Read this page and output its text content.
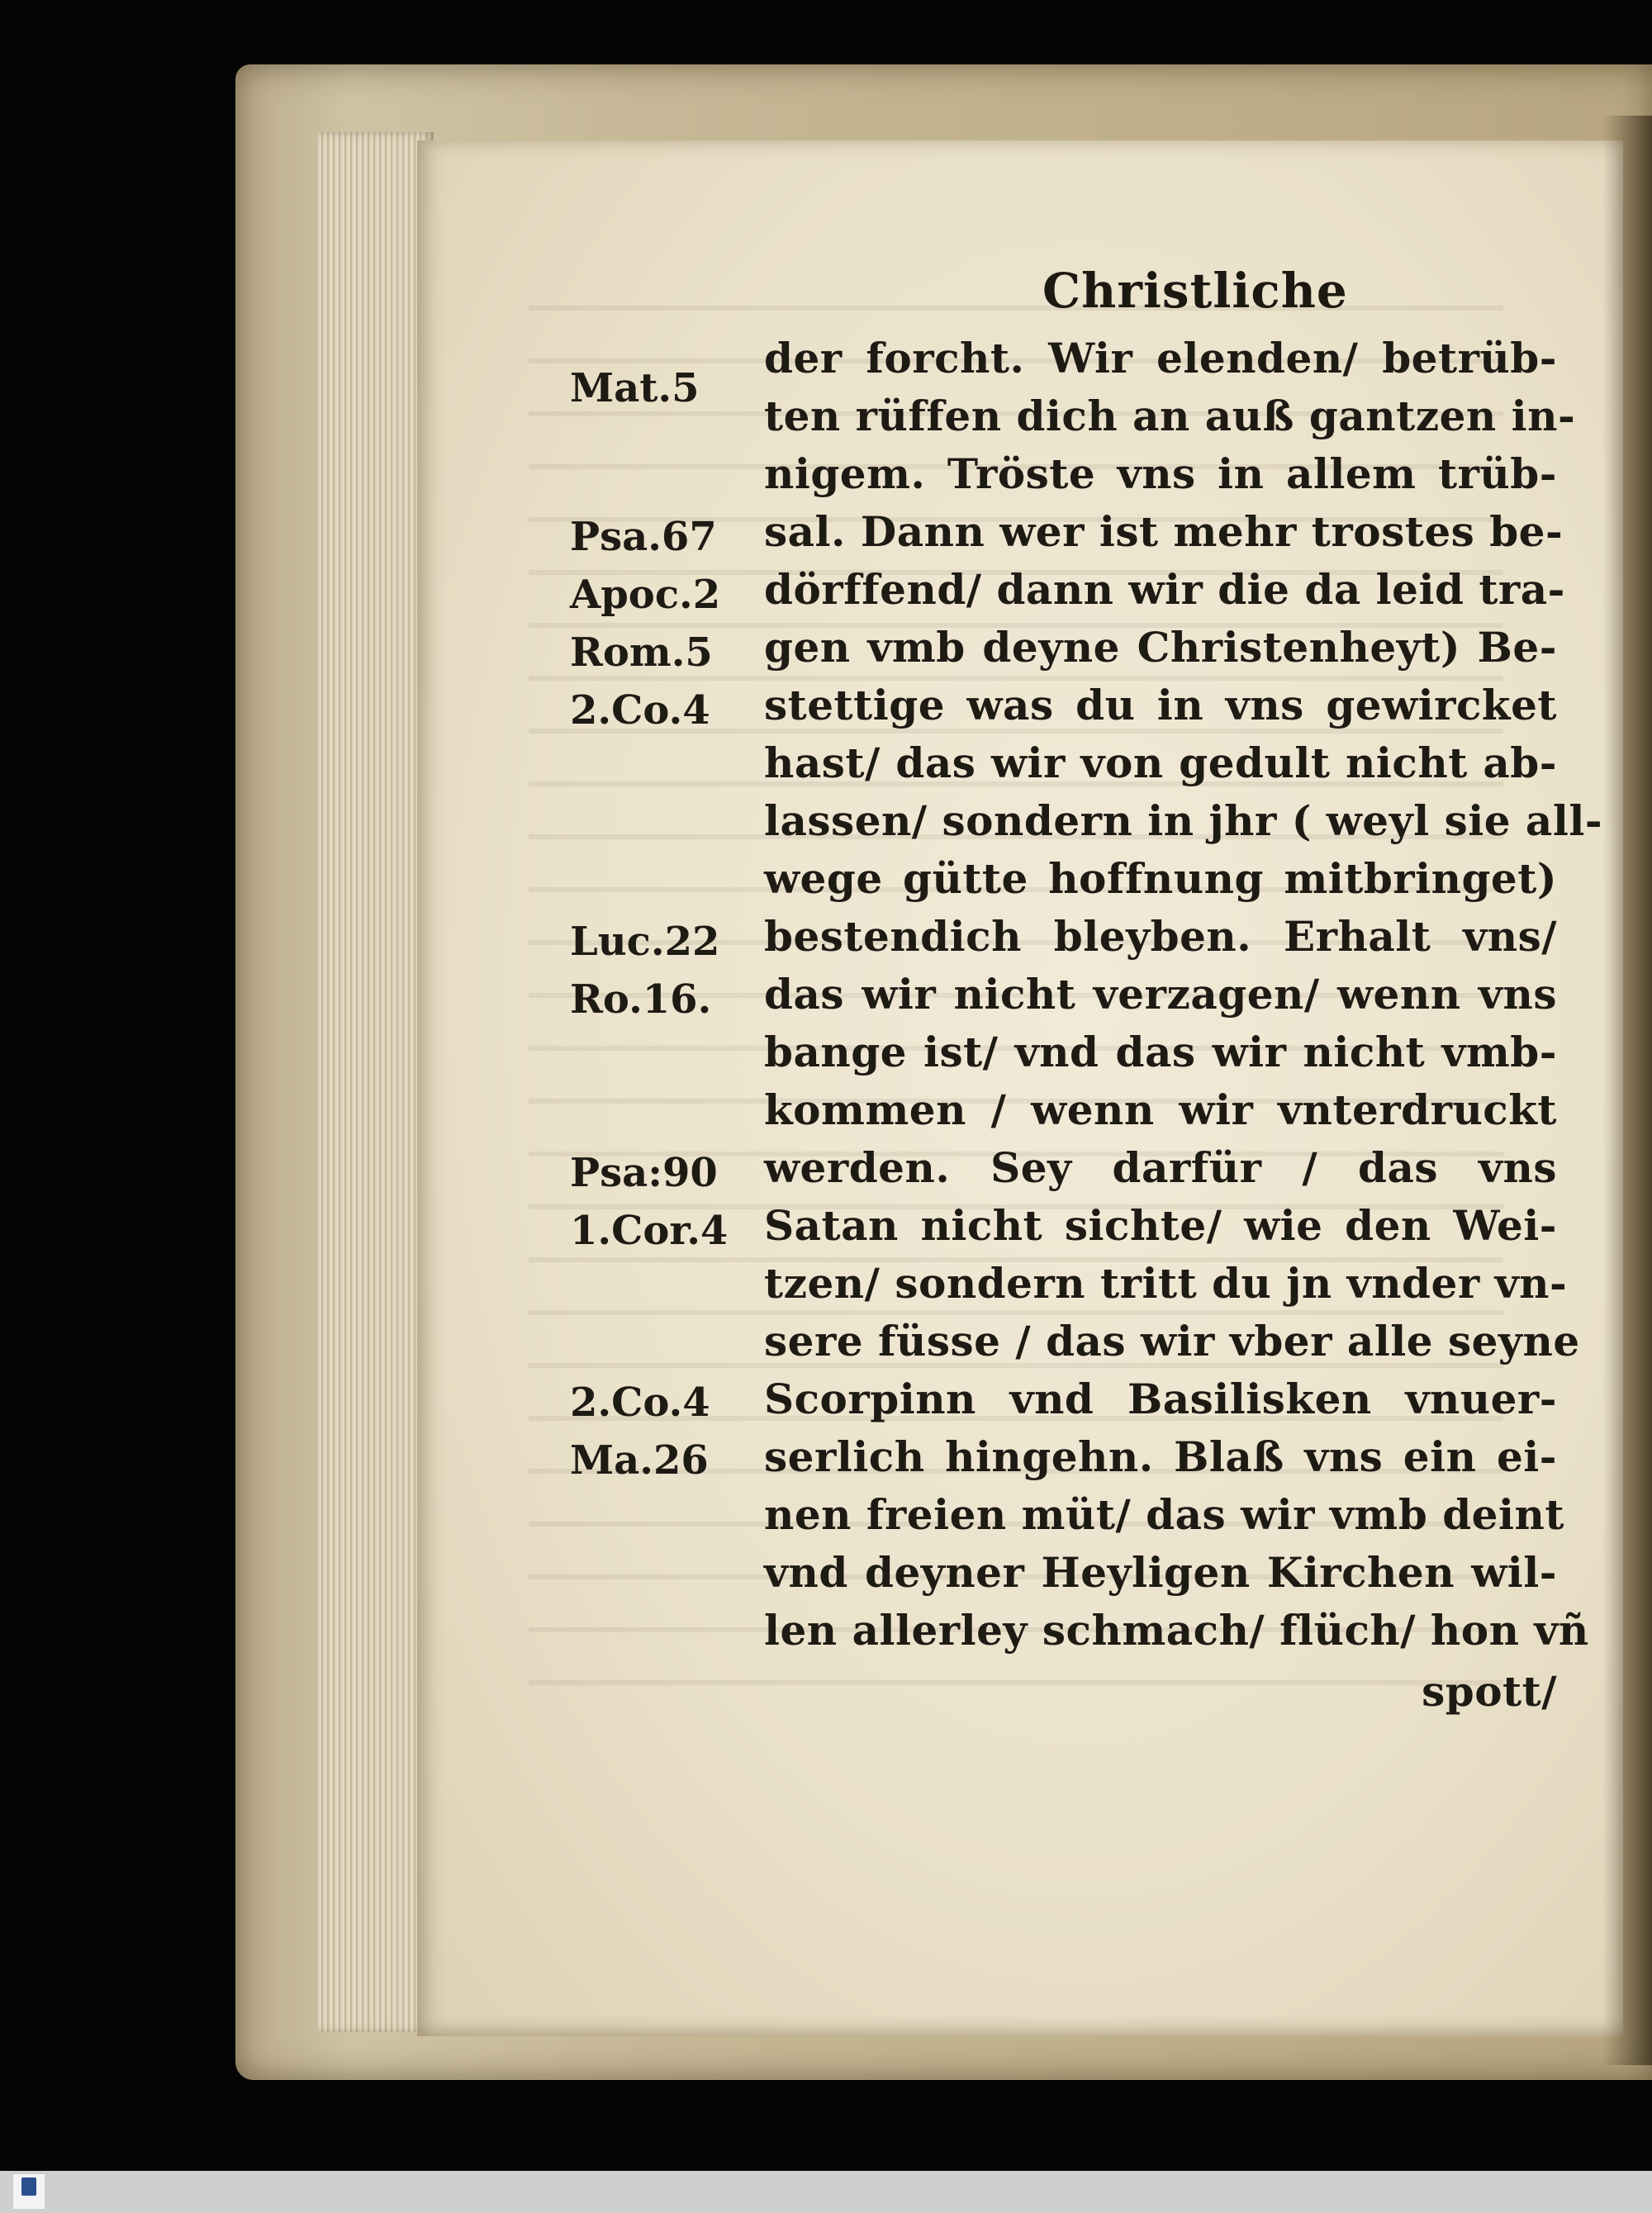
Christliche
der forcht. Wir elenden/ betrüb-
ten rüffen dich an auß gantzen in-
nigem. Tröste vns in allem trüb-
sal. Dann wer ist mehr trostes be-
dörffend/ dann wir die da leid tra-
gen vmb deyne Christenheyt) Be-
stettige was du in vns gewircket
hast/ das wir von gedult nicht ab-
lassen/ sondern in jhr ( weyl sie all-
wege gütte hoffnung mitbringet)
bestendich bleyben. Erhalt vns/
das wir nicht verzagen/ wenn vns
bange ist/ vnd das wir nicht vmb-
kommen / wenn wir vnterdruckt
werden. Sey darfür / das vns
Satan nicht sichte/ wie den Wei-
tzen/ sondern tritt du jn vnder vn-
sere füsse / das wir vber alle seyne
Scorpinn vnd Basilisken vnuer-
serlich hingehn. Blaß vns ein ei-
nen freien müt/ das wir vmb deint
vnd deyner Heyligen Kirchen wil-
len allerley schmach/ flüch/ hon vñ
spott/
Mat.5
Psa.67
Apoc.2
Rom.5
2.Co.4
Luc.22
Ro.16.
Psa:90
1.Cor.4
2.Co.4
Ma.26
